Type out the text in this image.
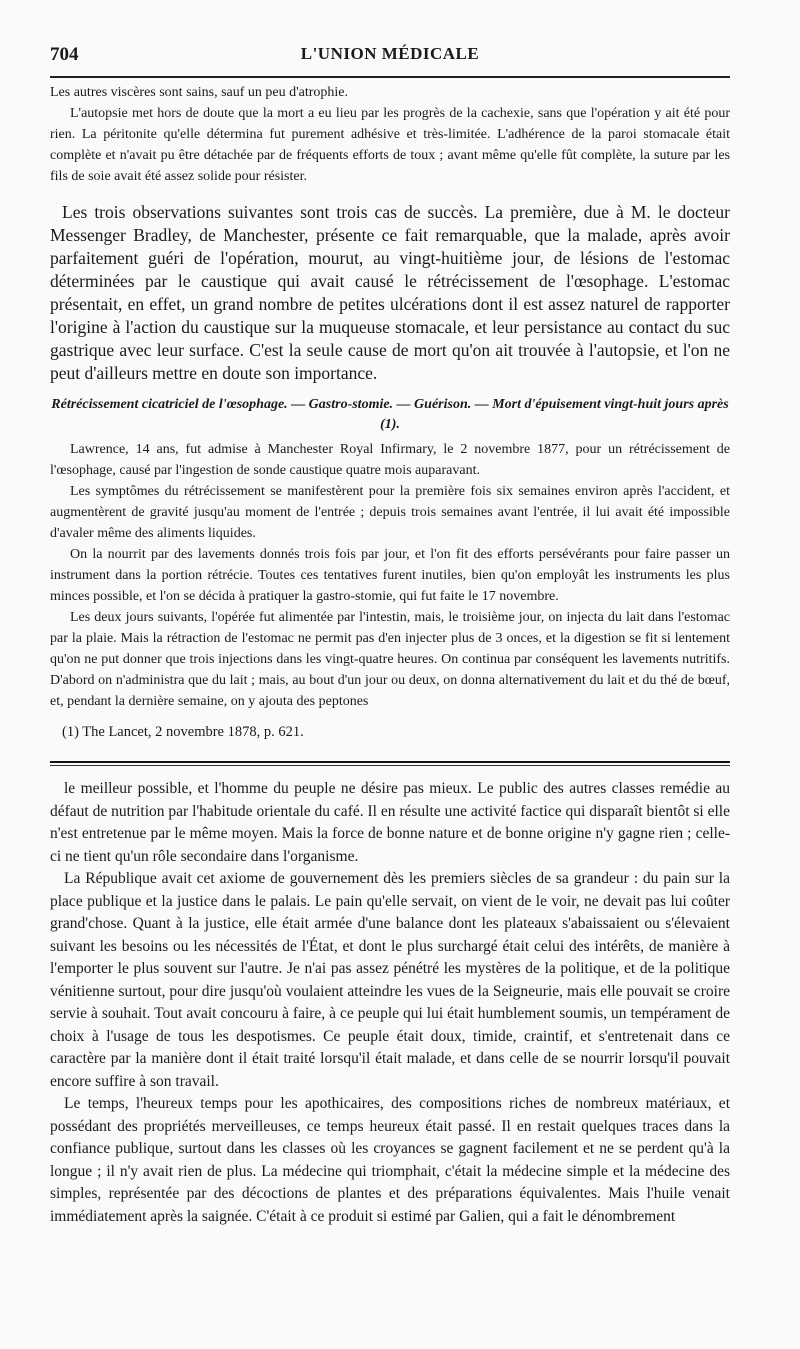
704	L'UNION MÉDICALE

Les autres viscères sont sains, sauf un peu d'atrophie.

L'autopsie met hors de doute que la mort a eu lieu par les progrès de la cachexie, sans que l'opération y ait été pour rien. La péritonite qu'elle détermina fut purement adhésive et très-limitée. L'adhérence de la paroi stomacale était complète et n'avait pu être détachée par de fréquents efforts de toux ; avant même qu'elle fût complète, la suture par les fils de soie avait été assez solide pour résister.

Les trois observations suivantes sont trois cas de succès. La première, due à M. le docteur Messenger Bradley, de Manchester, présente ce fait remarquable, que la malade, après avoir parfaitement guéri de l'opération, mourut, au vingt-huitième jour, de lésions de l'estomac déterminées par le caustique qui avait causé le rétrécissement de l'œsophage. L'estomac présentait, en effet, un grand nombre de petites ulcérations dont il est assez naturel de rapporter l'origine à l'action du caustique sur la muqueuse stomacale, et leur persistance au contact du suc gastrique avec leur surface. C'est la seule cause de mort qu'on ait trouvée à l'autopsie, et l'on ne peut d'ailleurs mettre en doute son importance.

Rétrécissement cicatriciel de l'œsophage. — Gastro-stomie. — Guérison. — Mort d'épuisement vingt-huit jours après (1).

Lawrence, 14 ans, fut admise à Manchester Royal Infirmary, le 2 novembre 1877, pour un rétrécissement de l'œsophage, causé par l'ingestion de sonde caustique quatre mois auparavant.

Les symptômes du rétrécissement se manifestèrent pour la première fois six semaines environ après l'accident, et augmentèrent de gravité jusqu'au moment de l'entrée ; depuis trois semaines avant l'entrée, il lui avait été impossible d'avaler même des aliments liquides.

On la nourrit par des lavements donnés trois fois par jour, et l'on fit des efforts persévérants pour faire passer un instrument dans la portion rétrécie. Toutes ces tentatives furent inutiles, bien qu'on employât les instruments les plus minces possible, et l'on se décida à pratiquer la gastro-stomie, qui fut faite le 17 novembre.

Les deux jours suivants, l'opérée fut alimentée par l'intestin, mais, le troisième jour, on injecta du lait dans l'estomac par la plaie. Mais la rétraction de l'estomac ne permit pas d'en injecter plus de 3 onces, et la digestion se fit si lentement qu'on ne put donner que trois injections dans les vingt-quatre heures. On continua par conséquent les lavements nutritifs. D'abord on n'administra que du lait ; mais, au bout d'un jour ou deux, on donna alternativement du lait et du thé de bœuf, et, pendant la dernière semaine, on y ajouta des peptones

(1) The Lancet, 2 novembre 1878, p. 621.

le meilleur possible, et l'homme du peuple ne désire pas mieux. Le public des autres classes remédie au défaut de nutrition par l'habitude orientale du café. Il en résulte une activité factice qui disparaît bientôt si elle n'est entretenue par le même moyen. Mais la force de bonne nature et de bonne origine n'y gagne rien ; celle-ci ne tient qu'un rôle secondaire dans l'organisme.

La République avait cet axiome de gouvernement dès les premiers siècles de sa grandeur : du pain sur la place publique et la justice dans le palais. Le pain qu'elle servait, on vient de le voir, ne devait pas lui coûter grand'chose. Quant à la justice, elle était armée d'une balance dont les plateaux s'abaissaient ou s'élevaient suivant les besoins ou les nécessités de l'État, et dont le plus surchargé était celui des intérêts, de manière à l'emporter le plus souvent sur l'autre. Je n'ai pas assez pénétré les mystères de la politique, et de la politique vénitienne surtout, pour dire jusqu'où voulaient atteindre les vues de la Seigneurie, mais elle pouvait se croire servie à souhait. Tout avait concouru à faire, à ce peuple qui lui était humblement soumis, un tempérament de choix à l'usage de tous les despotismes. Ce peuple était doux, timide, craintif, et s'entretenait dans ce caractère par la manière dont il était traité lorsqu'il était malade, et dans celle de se nourrir lorsqu'il pouvait encore suffire à son travail.

Le temps, l'heureux temps pour les apothicaires, des compositions riches de nombreux matériaux, et possédant des propriétés merveilleuses, ce temps heureux était passé. Il en restait quelques traces dans la confiance publique, surtout dans les classes où les croyances se gagnent facilement et ne se perdent qu'à la longue ; il n'y avait rien de plus. La médecine qui triomphait, c'était la médecine simple et la médecine des simples, représentée par des décoctions de plantes et des préparations équivalentes. Mais l'huile venait immédiatement après la saignée. C'était à ce produit si estimé par Galien, qui a fait le dénombrement
